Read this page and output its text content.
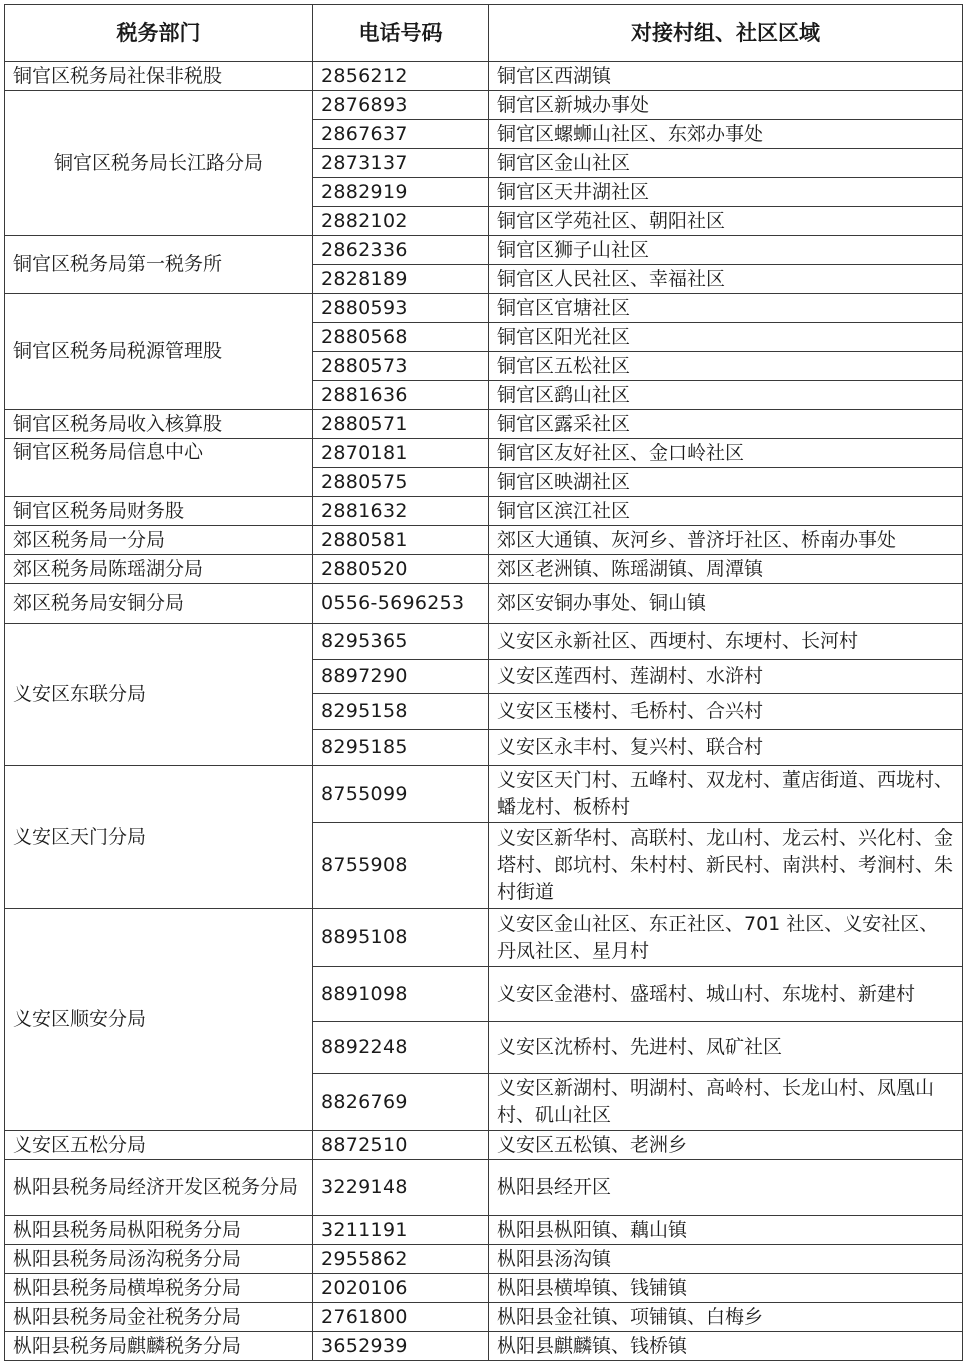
税务部门	电话号码	对接村组、社区区域
铜官区税务局社保非税股	2856212	铜官区西湖镇
铜官区税务局长江路分局	2876893	铜官区新城办事处
	2867637	铜官区螺蛳山社区、东郊办事处
	2873137	铜官区金山社区
	2882919	铜官区天井湖社区
	2882102	铜官区学苑社区、朝阳社区
铜官区税务局第一税务所	2862336	铜官区狮子山社区
	2828189	铜官区人民社区、幸福社区
铜官区税务局税源管理股	2880593	铜官区官塘社区
	2880568	铜官区阳光社区
	2880573	铜官区五松社区
	2881636	铜官区鹞山社区
铜官区税务局收入核算股	2880571	铜官区露采社区
铜官区税务局信息中心	2870181	铜官区友好社区、金口岭社区
	2880575	铜官区映湖社区
铜官区税务局财务股	2881632	铜官区滨江社区
郊区税务局一分局	2880581	郊区大通镇、灰河乡、普济圩社区、桥南办事处
郊区税务局陈瑶湖分局	2880520	郊区老洲镇、陈瑶湖镇、周潭镇
郊区税务局安铜分局	0556-5696253	郊区安铜办事处、铜山镇
义安区东联分局	8295365	义安区永新社区、西埂村、东埂村、长河村
	8897290	义安区莲西村、莲湖村、水浒村
	8295158	义安区玉楼村、毛桥村、合兴村
	8295185	义安区永丰村、复兴村、联合村
义安区天门分局	8755099	义安区天门村、五峰村、双龙村、董店街道、西垅村、蟠龙村、板桥村
	8755908	义安区新华村、高联村、龙山村、龙云村、兴化村、金塔村、郎坑村、朱村村、新民村、南洪村、考涧村、朱村街道
义安区顺安分局	8895108	义安区金山社区、东正社区、701 社区、义安社区、丹凤社区、星月村
	8891098	义安区金港村、盛瑶村、城山村、东垅村、新建村
	8892248	义安区沈桥村、先进村、凤矿社区
	8826769	义安区新湖村、明湖村、高岭村、长龙山村、凤凰山村、矶山社区
义安区五松分局	8872510	义安区五松镇、老洲乡
枞阳县税务局经济开发区税务分局	3229148	枞阳县经开区
枞阳县税务局枞阳税务分局	3211191	枞阳县枞阳镇、藕山镇
枞阳县税务局汤沟税务分局	2955862	枞阳县汤沟镇
枞阳县税务局横埠税务分局	2020106	枞阳县横埠镇、钱铺镇
枞阳县税务局金社税务分局	2761800	枞阳县金社镇、项铺镇、白梅乡
枞阳县税务局麒麟税务分局	3652939	枞阳县麒麟镇、钱桥镇
